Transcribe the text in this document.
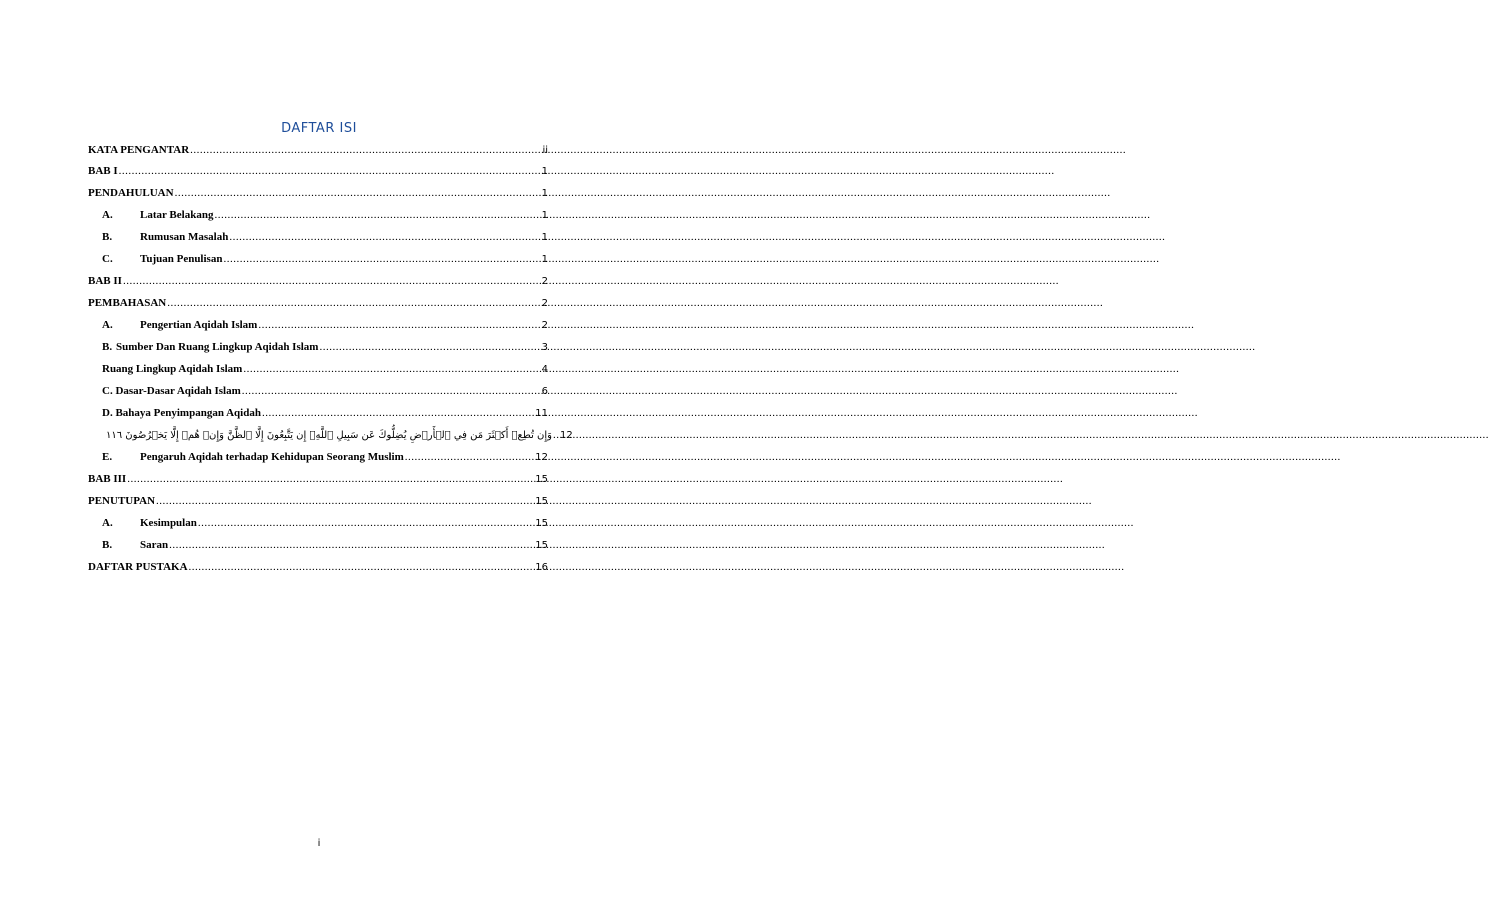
DAFTAR ISI
KATA PENGANTAR .....	ii
BAB I .....	1
PENDAHULUAN .....	1
A. Latar Belakang .....	1
B.	Rumusan Masalah .....	1
C. Tujuan Penulisan .....	1
BAB II .....	2
PEMBAHASAN .....	2
A. Pengertian Aqidah Islam .....	2
B. Sumber Dan Ruang Lingkup Aqidah Islam .....	3
Ruang Lingkup Aqidah Islam .....	4
C. Dasar-Dasar Aqidah Islam .....	6
D. Bahaya Penyimpangan Aqidah .....	11
وَإِن تُطِعۡ أَكۡثَرَ مَن فِي ٱلۡأَرۡضِ يُضِلُّوكَ عَن سَبِيلِ ٱللَّهِۚ إِن يَتَّبِعُونَ إِلَّا ٱلظَّنَّ وَإِنۡ هُمۡ إِلَّا يَخۡرُصُونَ ١١٦ ..... 12
E.	Pengaruh Aqidah terhadap Kehidupan Seorang Muslim .....	12
BAB III .....	15
PENUTUPAN .....	15
A. Kesimpulan .....	15
B.	Saran .....	15
DAFTAR PUSTAKA .....	16
i
